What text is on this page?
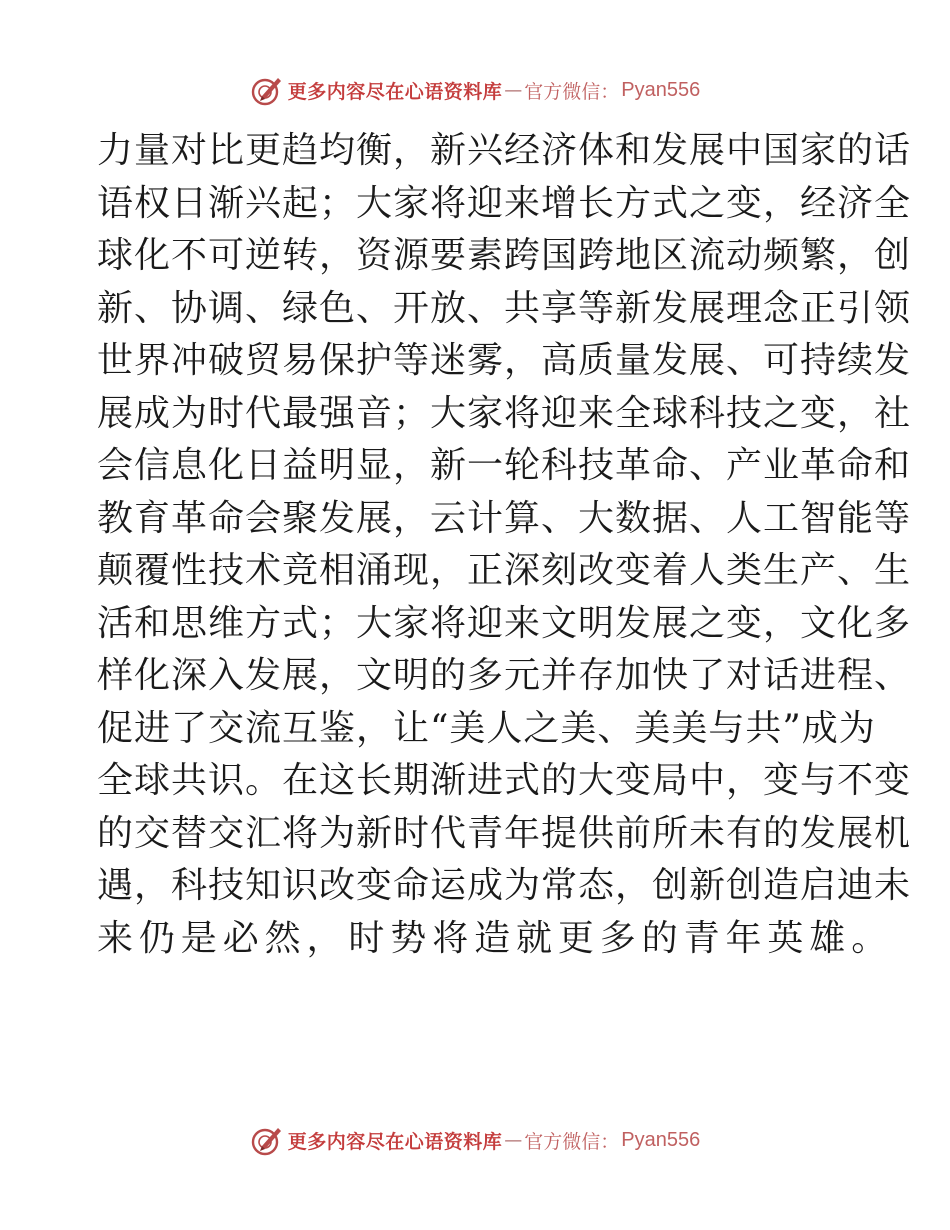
更多内容尽在心语资料库 — 官方微信： Pyan556
力量对比更趋均衡，新兴经济体和发展中国家的话
语权日渐兴起；大家将迎来增长方式之变，经济全
球化不可逆转，资源要素跨国跨地区流动频繁，创
新、协调、绿色、开放、共享等新发展理念正引领
世界冲破贸易保护等迷雾，高质量发展、可持续发
展成为时代最强音；大家将迎来全球科技之变，社
会信息化日益明显，新一轮科技革命、产业革命和
教育革命会聚发展，云计算、大数据、人工智能等
颠覆性技术竞相涌现，正深刻改变着人类生产、生
活和思维方式；大家将迎来文明发展之变，文化多
样化深入发展，文明的多元并存加快了对话进程、
促进了交流互鉴，让“美人之美、美美与共”成为
全球共识。在这长期渐进式的大变局中，变与不变
的交替交汇将为新时代青年提供前所未有的发展机
遇，科技知识改变命运成为常态，创新创造启迪未
来仍是必然，时势将造就更多的青年英雄。
更多内容尽在心语资料库 — 官方微信： Pyan556
